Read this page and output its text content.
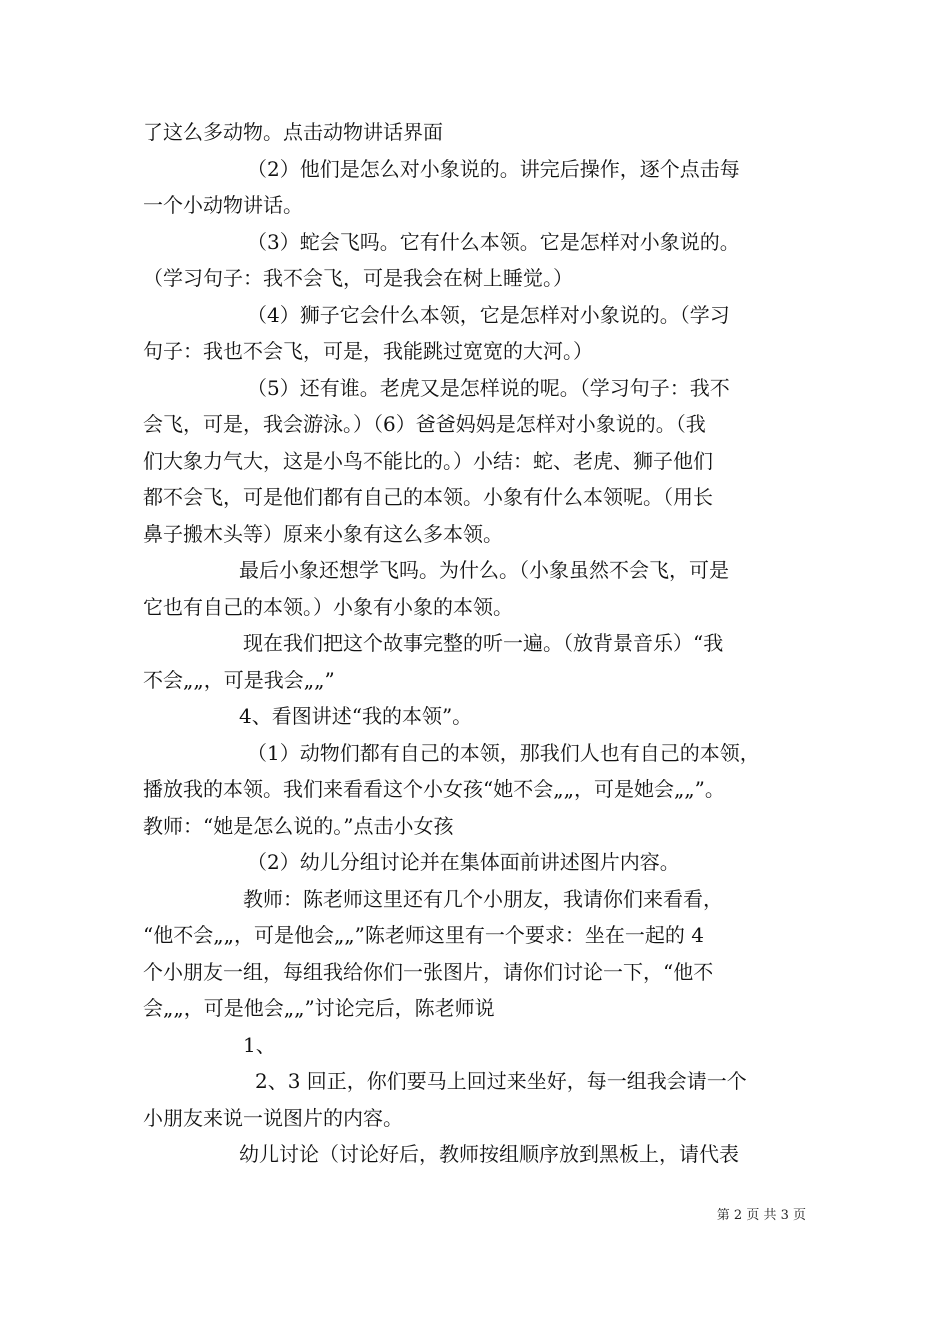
了这么多动物。点击动物讲话界面
（2）他们是怎么对小象说的。讲完后操作，逐个点击每
一个小动物讲话。
（3）蛇会飞吗。它有什么本领。它是怎样对小象说的。
（学习句子：我不会飞，可是我会在树上睡觉。）
（4）狮子它会什么本领，它是怎样对小象说的。（学习
句子：我也不会飞，可是，我能跳过宽宽的大河。）
（5）还有谁。老虎又是怎样说的呢。（学习句子：我不
会飞，可是，我会游泳。）（6）爸爸妈妈是怎样对小象说的。（我
们大象力气大，这是小鸟不能比的。）小结：蛇、老虎、狮子他们
都不会飞，可是他们都有自己的本领。小象有什么本领呢。（用长
鼻子搬木头等）原来小象有这么多本领。
最后小象还想学飞吗。为什么。（小象虽然不会飞，可是
它也有自己的本领。）小象有小象的本领。
现在我们把这个故事完整的听一遍。（放背景音乐）“我
不会„„，可是我会„„”
4、看图讲述“我的本领”。
（1）动物们都有自己的本领，那我们人也有自己的本领，
播放我的本领。我们来看看这个小女孩“她不会„„，可是她会„„”。
教师：“她是怎么说的。”点击小女孩
（2）幼儿分组讨论并在集体面前讲述图片内容。
教师：陈老师这里还有几个小朋友，我请你们来看看，
“他不会„„，可是他会„„”陈老师这里有一个要求：坐在一起的 4
个小朋友一组，每组我给你们一张图片，请你们讨论一下，“他不
会„„，可是他会„„”讨论完后，陈老师说
1、
2、3 回正，你们要马上回过来坐好，每一组我会请一个
小朋友来说一说图片的内容。
幼儿讨论（讨论好后，教师按组顺序放到黑板上，请代表
第 2 页 共 3 页
